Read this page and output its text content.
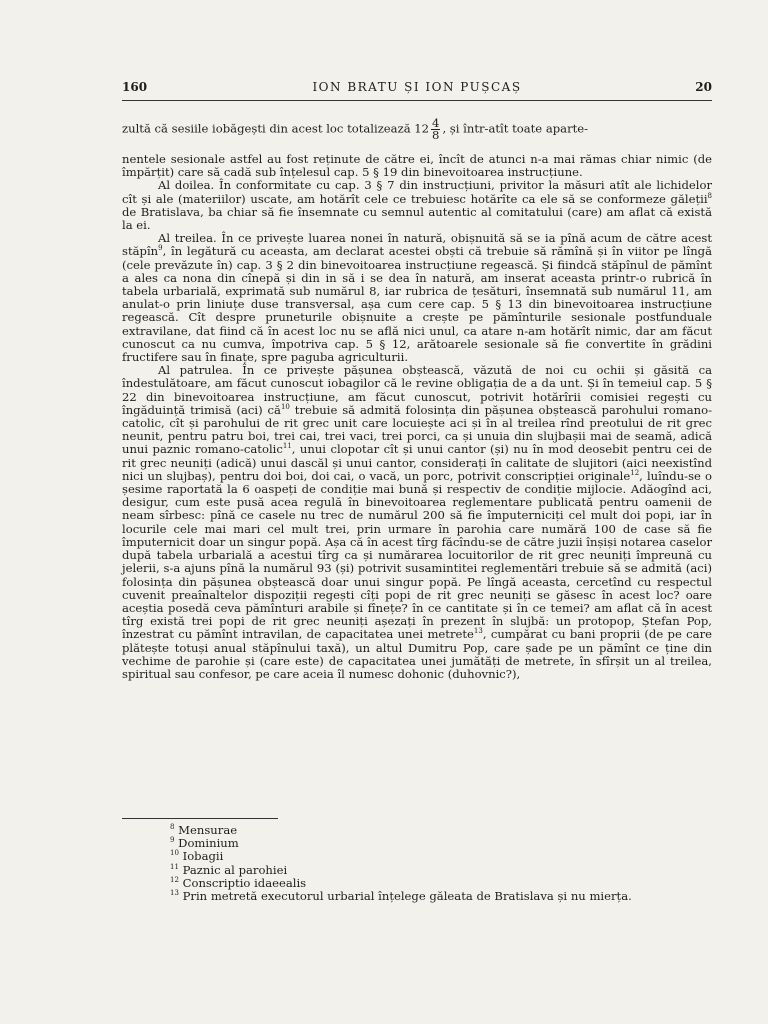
160	ION BRATU ȘI ION PUȘCAȘ	20

zultă că sesiile iobăgești din acest loc totalizează $12 \frac{4}{8}$ , și într-atît toate aparte-

nentele sesionale astfel au fost reținute de către ei, încît de atunci n-a mai rămas chiar nimic (de împărțit) care să cadă sub înțelesul cap. 5 § 19 din binevoitoarea instrucțiune.

Al doilea. În conformitate cu cap. 3 § 7 din instrucțiuni, privitor la măsuri atît ale lichidelor cît și ale (materiilor) uscate, am hotărît cele ce trebuiesc hotărîte ca ele să se conformeze găleții$^8$ de Bratislava, ba chiar să fie însemnate cu semnul autentic al comitatului (care) am aflat că există la ei.

Al treilea. În ce privește luarea nonei în natură, obișnuită să se ia pînă acum de către acest stăpîn$^9$, în legătură cu aceasta, am declarat acestei obști că trebuie să rămînă și în viitor pe lîngă (cele prevăzute în) cap. 3 § 2 din binevoitoarea instrucțiune regească. Și fiindcă stăpînul de pămînt a ales ca nona din cînepă și din in să i se dea în natură, am inserat aceasta printr-o rubrică în tabela urbarială, exprimată sub numărul 8, iar rubrica de țesături, însemnată sub numărul 11, am anulat-o prin liniuțe duse transversal, așa cum cere cap. 5 § 13 din binevoitoarea instrucțiune regească. Cît despre pruneturile obișnuite a crește pe pămînturile sesionale postfunduale extravilane, dat fiind că în acest loc nu se află nici unul, ca atare n-am hotărît nimic, dar am făcut cunoscut ca nu cumva, împotriva cap. 5 § 12, arătoarele sesionale să fie convertite în grădini fructifere sau în finațe, spre paguba agriculturii.

Al patrulea. În ce privește pășunea obștească, văzută de noi cu ochii și găsită ca îndestulătoare, am făcut cunoscut iobagilor că le revine obligația de a da unt. Și în temeiul cap. 5 § 22 din binevoitoarea instrucțiune, am făcut cunoscut, potrivit hotărîrii comisiei regești cu îngăduință trimisă (aci) $că^{10}$ trebuie să admită folosința din pășunea obștească parohului romano-catolic, cît și parohului de rit grec unit care locuiește aci și în al treilea rînd preotului de rit grec neunit, pentru patru boi, trei cai, trei vaci, trei porci, ca și unuia din slujbașii mai de seamă, adică unui paznic romano-catolic$^{11}$, unui clopotar cît și unui cantor (și) nu în mod deosebit pentru cei de rit grec neuniți (adică) unui dascăl și unui cantor, considerați în calitate de slujitori (aici neexistînd nici un slujbaș), pentru doi boi, doi cai, o vacă, un porc, potrivit conscripției originale$^{12}$, luîndu-se o șesime raportată la 6 oaspeți de condiție mai bună și respectiv de condiție mijlocie. Adăogînd aci, desigur, cum este pusă acea regulă în binevoitoarea reglementare publicată pentru oamenii de neam sîrbesc: pînă ce casele nu trec de numărul 200 să fie împuterniciți cel mult doi popi, iar în locurile cele mai mari cel mult trei, prin urmare în parohia care numără 100 de case să fie împuternicit doar un singur popă. Așa că în acest tîrg făcîndu-se de către juzii înșiși notarea caselor după tabela urbarială a acestui tîrg ca și numărarea locuitorilor de rit grec neuniți împreună cu jelerii, s-a ajuns pînă la numărul 93 (și) potrivit susamintitei reglementări trebuie să se admită (aci) folosința din pășunea obștească doar unui singur popă. Pe lîngă aceasta, cercetînd cu respectul cuvenit preaînaltelor dispoziții regești cîți popi de rit grec neuniți se găsesc în acest loc? oare aceștia posedă ceva pămînturi arabile și fînețe? în ce cantitate și în ce temei? am aflat că în acest tîrg există trei popi de rit grec neuniți așezați în prezent în slujbă: un protopop, Ștefan Pop, înzestrat cu pămînt intravilan, de capacitatea unei metrete$^{13}$, cumpărat cu bani proprii (de pe care plătește totuși anual stăpînului taxă), un altul Dumitru Pop, care șade pe un pămînt ce ține din vechime de parohie și (care este) de capacitatea unei jumătăți de metrete, în sfîrșit un al treilea, spiritual sau confesor, pe care aceia îl numesc dohonic (duhovnic?),

$^8$ Mensurae
$^9$ Dominium
$^{10}$ Iobagii
$^{11}$ Paznic al parohiei
$^{12}$ Conscriptio idaeealis
$^{13}$ Prin metretă executorul urbarial înțelege găleata de Bratislava și nu mierța.
